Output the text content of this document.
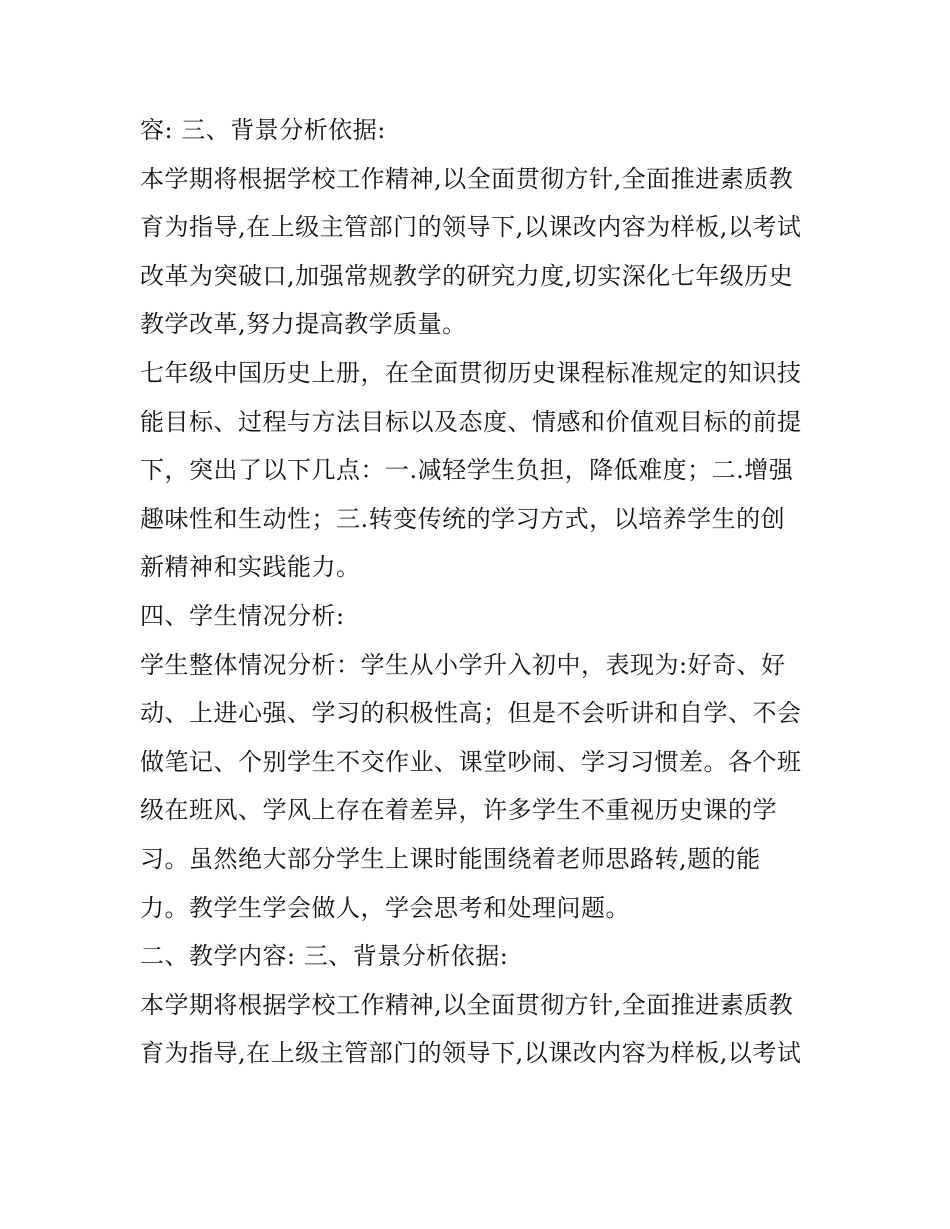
容: 三、背景分析依据:
本学期将根据学校工作精神,以全面贯彻方针,全面推进素质教
育为指导,在上级主管部门的领导下,以课改内容为样板,以考试
改革为突破口,加强常规教学的研究力度,切实深化七年级历史
教学改革,努力提高教学质量。
七年级中国历史上册，在全面贯彻历史课程标准规定的知识技
能目标、过程与方法目标以及态度、情感和价值观目标的前提
下，突出了以下几点：一.减轻学生负担，降低难度；二.增强
趣味性和生动性；三.转变传统的学习方式，以培养学生的创
新精神和实践能力。
四、学生情况分析:
学生整体情况分析：学生从小学升入初中，表现为:好奇、好
动、上进心强、学习的积极性高；但是不会听讲和自学、不会
做笔记、个别学生不交作业、课堂吵闹、学习习惯差。各个班
级在班风、学风上存在着差异，许多学生不重视历史课的学
习。虽然绝大部分学生上课时能围绕着老师思路转,题的能
力。教学生学会做人，学会思考和处理问题。
二、教学内容: 三、背景分析依据:
本学期将根据学校工作精神,以全面贯彻方针,全面推进素质教
育为指导,在上级主管部门的领导下,以课改内容为样板,以考试
